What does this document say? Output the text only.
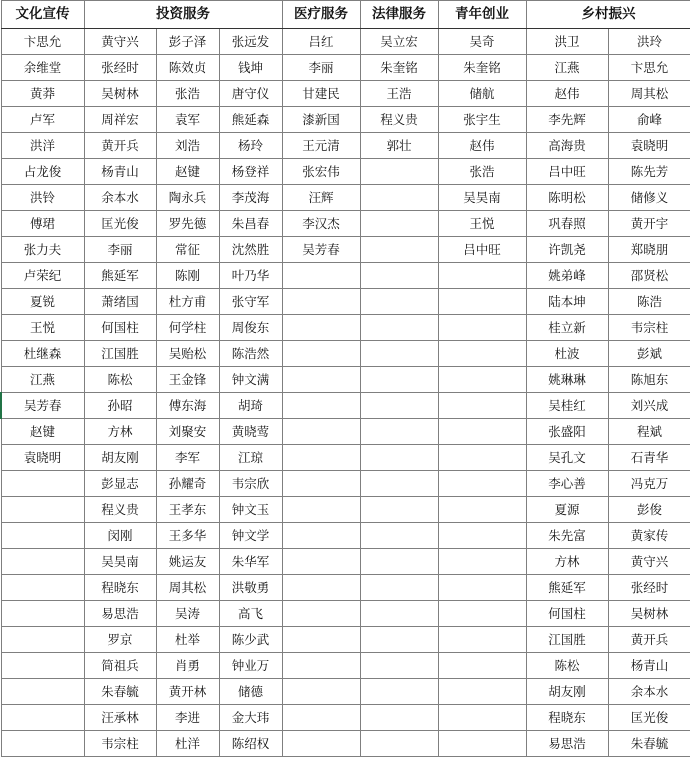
文化宣传	投资服务			医疗服务	法律服务	青年创业	乡村振兴	
卞思允	黄守兴	彭子泽	张远发	吕红	吴立宏	吴奇	洪卫	洪玲
余维堂	张经时	陈效贞	钱坤	李丽	朱奎铭	朱奎铭	江燕	卞思允
黄莽	吴树林	张浩	唐守仪	甘建民	王浩	储航	赵伟	周其松
卢军	周祥宏	袁军	熊延森	漆新国	程义贵	张宇生	李先辉	俞峰
洪洋	黄开兵	刘浩	杨玲	王元清	郭壮	赵伟	高海贵	袁晓明
占龙俊	杨青山	赵键	杨登祥	张宏伟		张浩	吕中旺	陈先芳
洪铃	余本水	陶永兵	李茂海	汪辉		吴昊南	陈明松	储修义
傅珺	匡光俊	罗先德	朱昌春	李汉杰		王悦	巩春照	黄开宇
张力夫	李丽	常征	沈然胜	吴芳春		吕中旺	许凯尧	郑晓朋
卢荣纪	熊延军	陈刚	叶乃华				姚弟峰	邵贤松
夏锐	萧绪国	杜方甫	张守军				陆本坤	陈浩
王悦	何国柱	何学柱	周俊东				桂立新	韦宗柱
杜继森	江国胜	吴贻松	陈浩然				杜波	彭斌
江燕	陈松	王金锋	钟文满				姚琳琳	陈旭东
吴芳春	孙昭	傅东海	胡琦				吴桂红	刘兴成
赵键	方林	刘聚安	黄晓莺				张盛阳	程斌
袁晓明	胡友刚	李军	江琼				吴孔文	石青华
	彭显志	孙耀奇	韦宗欣				李心善	冯克万
	程义贵	王孝东	钟文玉				夏源	彭俊
	闵刚	王多华	钟文学				朱先富	黄家传
	吴昊南	姚运友	朱华军				方林	黄守兴
	程晓东	周其松	洪敬勇				熊延军	张经时
	易思浩	吴涛	高飞				何国柱	吴树林
	罗京	杜举	陈少武				江国胜	黄开兵
	简祖兵	肖勇	钟业万				陈松	杨青山
	朱春毓	黄开林	储德				胡友刚	余本水
	汪承林	李进	金大玮				程晓东	匡光俊
	韦宗柱	杜洋	陈绍权				易思浩	朱春毓
